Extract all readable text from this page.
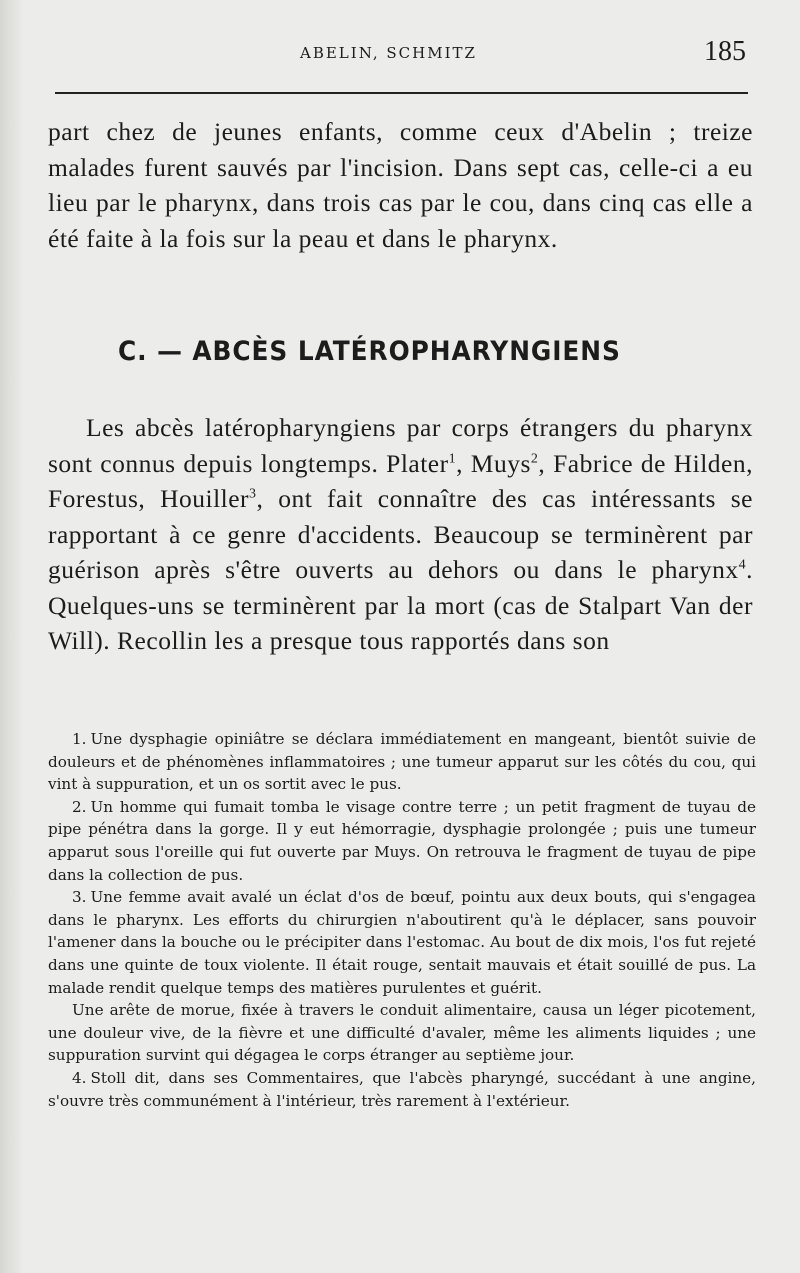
ABELIN, SCHMITZ	185

part chez de jeunes enfants, comme ceux d'Abelin ; treize malades furent sauvés par l'incision. Dans sept cas, celle-ci a eu lieu par le pharynx, dans trois cas par le cou, dans cinq cas elle a été faite à la fois sur la peau et dans le pharynx.

C. — ABCÈS LATÉROPHARYNGIENS

Les abcès latéropharyngiens par corps étrangers du pharynx sont connus depuis longtemps. Plater$^1$, Muys$^2$, Fabrice de Hilden, Forestus, Houiller$^3$, ont fait connaître des cas intéressants se rapportant à ce genre d'accidents. Beaucoup se terminèrent par guérison après s'être ouverts au dehors ou dans le pharynx$^4$. Quelques-uns se terminèrent par la mort (cas de Stalpart Van der Will). Recollin les a presque tous rapportés dans son

1. Une dysphagie opiniâtre se déclara immédiatement en mangeant, bientôt suivie de douleurs et de phénomènes inflammatoires ; une tumeur apparut sur les côtés du cou, qui vint à suppuration, et un os sortit avec le pus.

2. Un homme qui fumait tomba le visage contre terre ; un petit fragment de tuyau de pipe pénétra dans la gorge. Il y eut hémorragie, dysphagie prolongée ; puis une tumeur apparut sous l'oreille qui fut ouverte par Muys. On retrouva le fragment de tuyau de pipe dans la collection de pus.

3. Une femme avait avalé un éclat d'os de bœuf, pointu aux deux bouts, qui s'engagea dans le pharynx. Les efforts du chirurgien n'aboutirent qu'à le déplacer, sans pouvoir l'amener dans la bouche ou le précipiter dans l'estomac. Au bout de dix mois, l'os fut rejeté dans une quinte de toux violente. Il était rouge, sentait mauvais et était souillé de pus. La malade rendit quelque temps des matières purulentes et guérit.

Une arête de morue, fixée à travers le conduit alimentaire, causa un léger picotement, une douleur vive, de la fièvre et une difficulté d'avaler, même les aliments liquides ; une suppuration survint qui dégagea le corps étranger au septième jour.

4. Stoll dit, dans ses Commentaires, que l'abcès pharyngé, succédant à une angine, s'ouvre très communément à l'intérieur, très rarement à l'extérieur.
